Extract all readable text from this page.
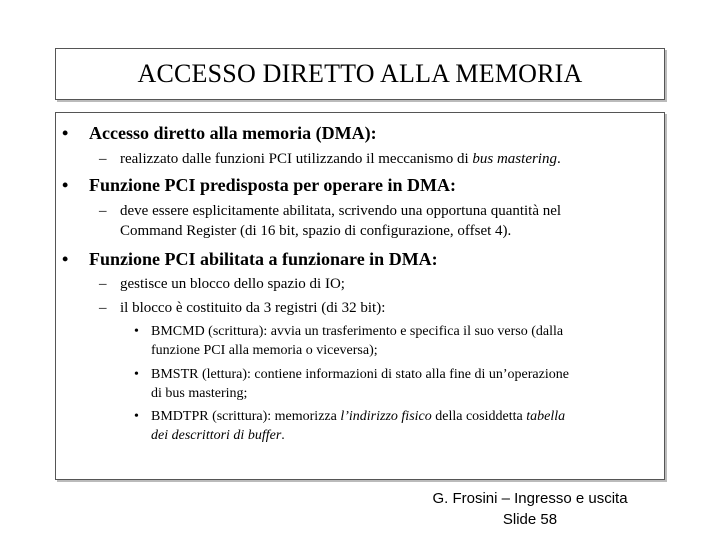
ACCESSO DIRETTO ALLA MEMORIA
• Accesso diretto alla memoria (DMA):
– realizzato dalle funzioni PCI utilizzando il meccanismo di bus mastering.
• Funzione PCI predisposta per operare in DMA:
– deve essere esplicitamente abilitata, scrivendo una opportuna quantità nel
Command Register (di 16 bit, spazio di configurazione, offset 4).
• Funzione PCI abilitata a funzionare in DMA:
– gestisce un blocco dello spazio di IO;
– il blocco è costituito da 3 registri (di 32 bit):
• BMCMD (scrittura): avvia un trasferimento e specifica il suo verso (dalla
funzione PCI alla memoria o viceversa);
• BMSTR (lettura): contiene informazioni di stato alla fine di un’operazione
di bus mastering;
• BMDTPR (scrittura): memorizza l’indirizzo fisico della cosiddetta tabella
dei descrittori di buffer.
G. Frosini – Ingresso e uscita
Slide 58
